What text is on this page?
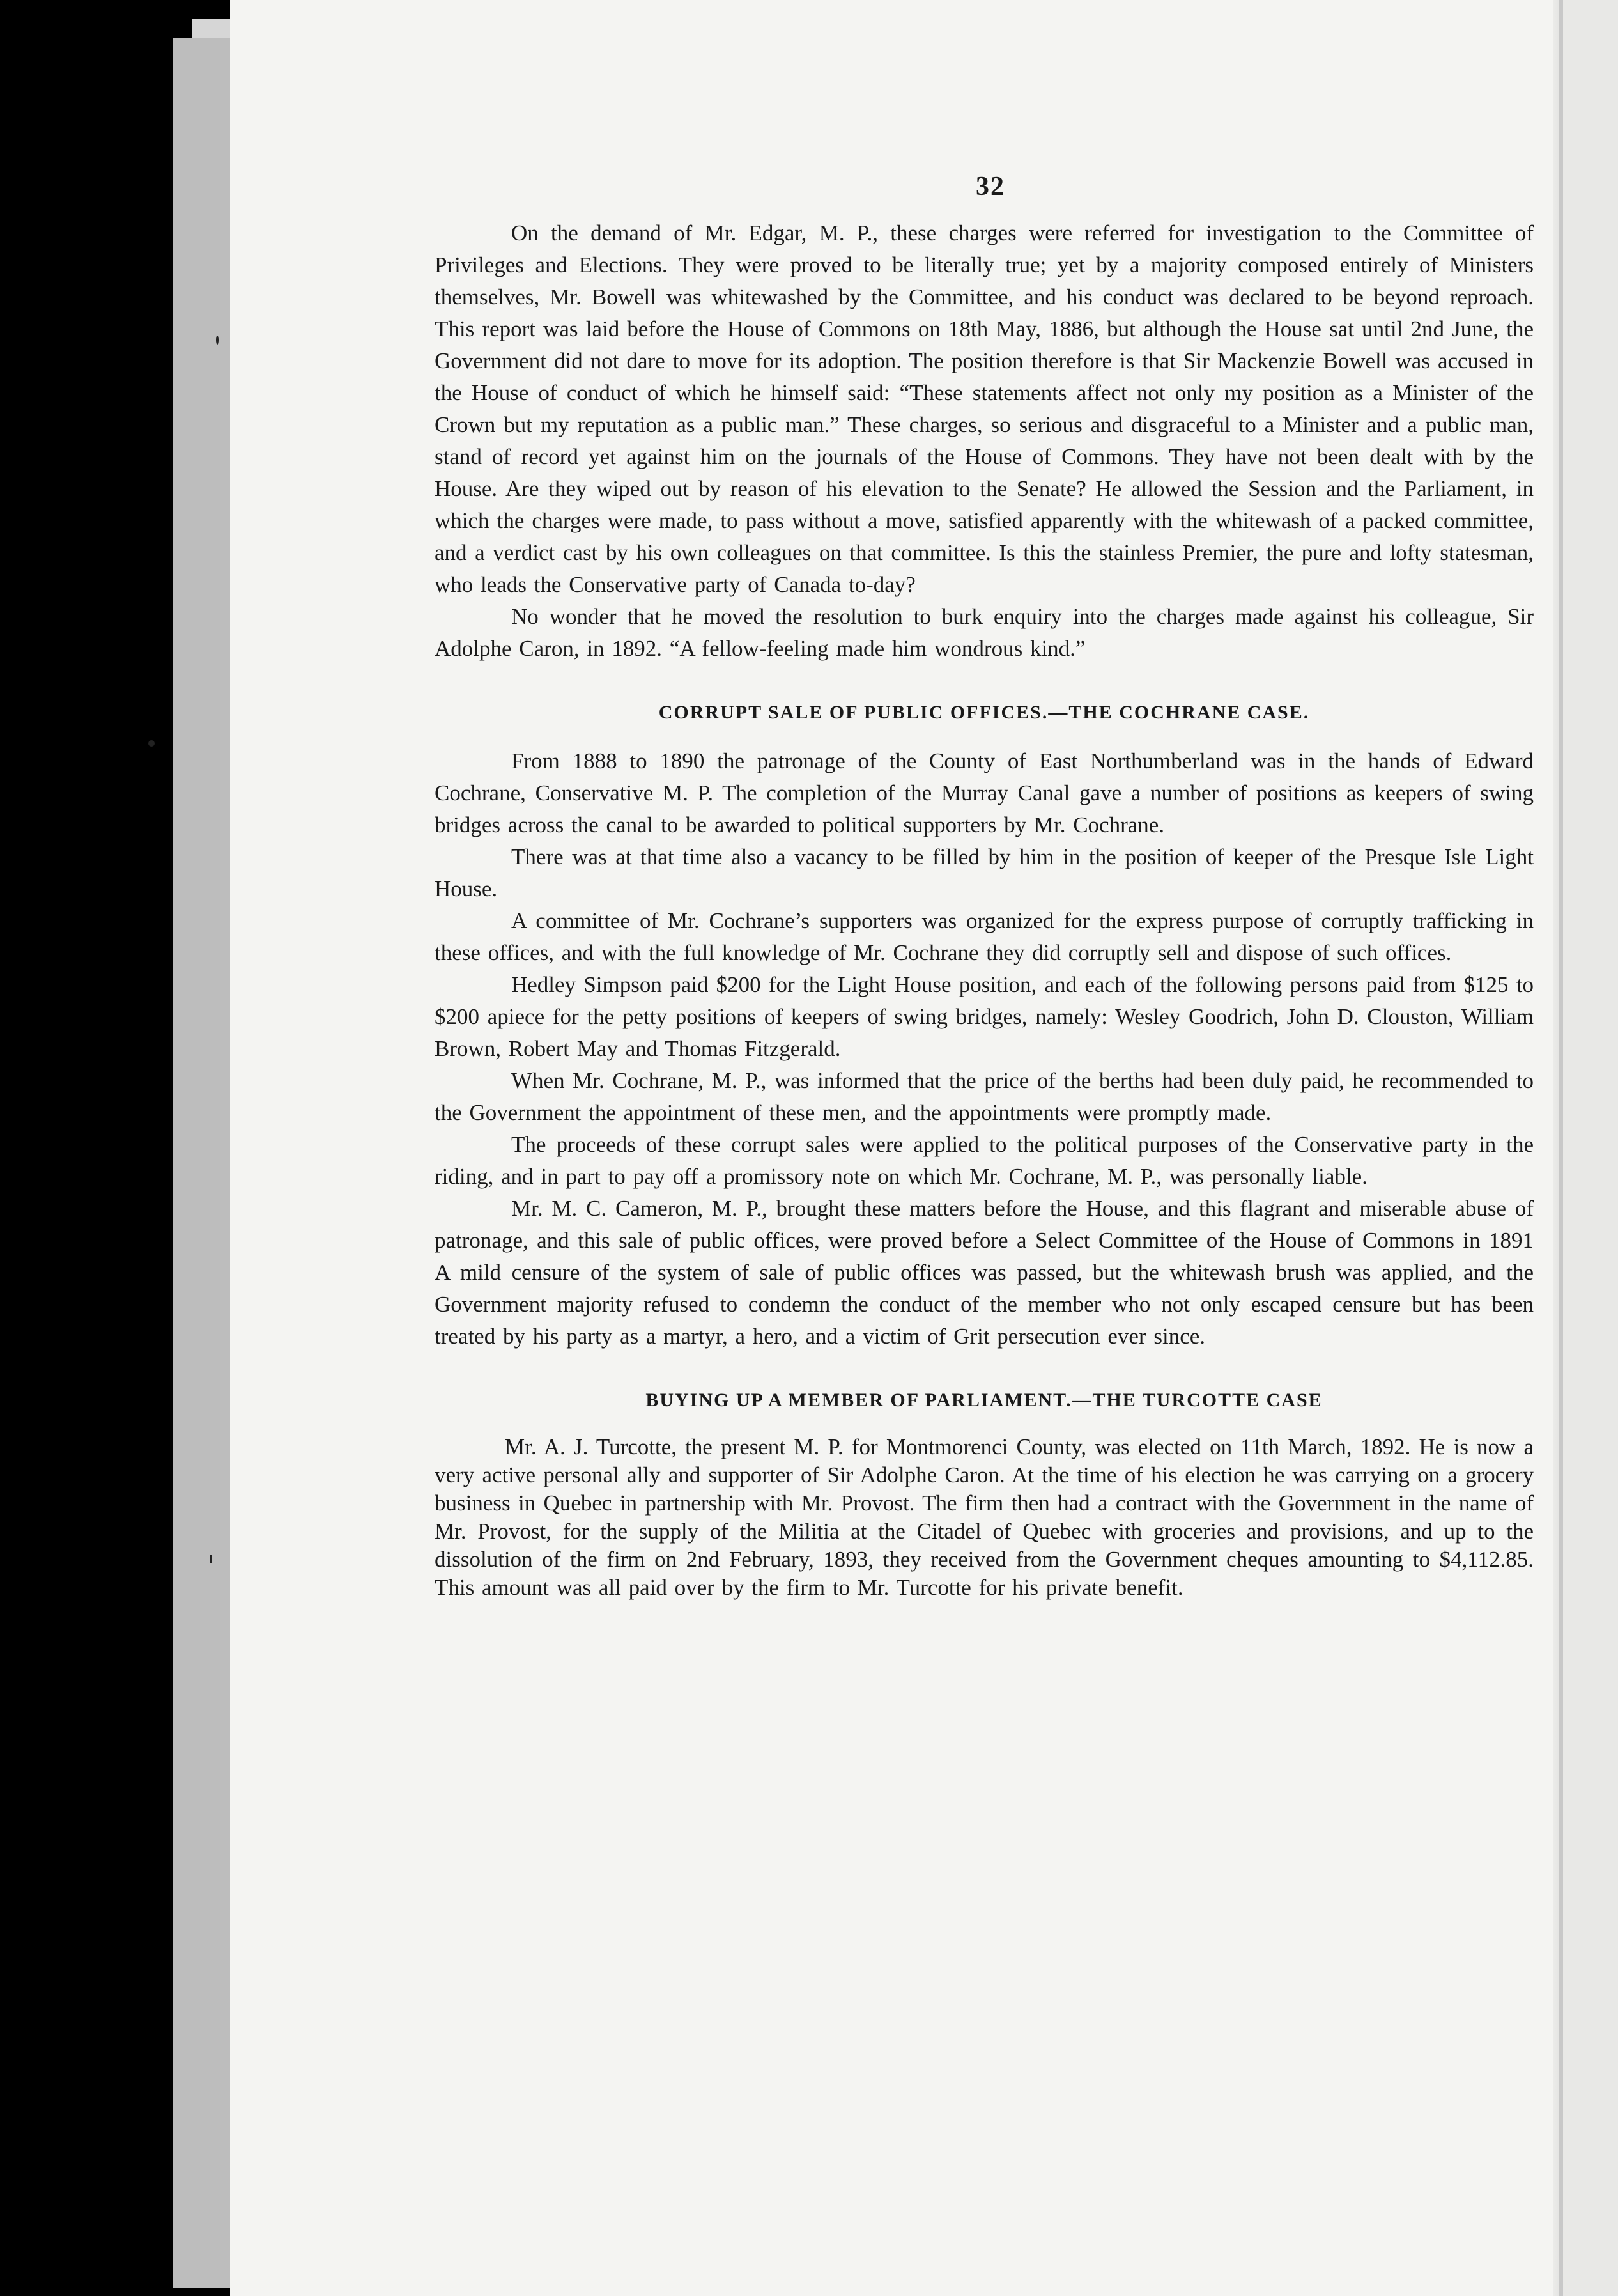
32

On the demand of Mr. Edgar, M. P., these charges were referred for investigation to the Committee of Privileges and Elections. They were proved to be literally true; yet by a majority composed entirely of Ministers themselves, Mr. Bowell was whitewashed by the Committee, and his conduct was declared to be beyond reproach. This report was laid before the House of Commons on 18th May, 1886, but although the House sat until 2nd June, the Government did not dare to move for its adoption. The position therefore is that Sir Mackenzie Bowell was accused in the House of conduct of which he himself said: “These statements affect not only my position as a Minister of the Crown but my reputation as a public man.” These charges, so serious and disgraceful to a Minister and a public man, stand of record yet against him on the journals of the House of Commons. They have not been dealt with by the House. Are they wiped out by reason of his elevation to the Senate? He allowed the Session and the Parliament, in which the charges were made, to pass without a move, satisfied apparently with the whitewash of a packed committee, and a verdict cast by his own colleagues on that committee. Is this the stainless Premier, the pure and lofty statesman, who leads the Conservative party of Canada to-day?

No wonder that he moved the resolution to burk enquiry into the charges made against his colleague, Sir Adolphe Caron, in 1892. “A fellow-feeling made him wondrous kind.”

CORRUPT SALE OF PUBLIC OFFICES.—THE COCHRANE CASE.

From 1888 to 1890 the patronage of the County of East Northumberland was in the hands of Edward Cochrane, Conservative M. P. The completion of the Murray Canal gave a number of positions as keepers of swing bridges across the canal to be awarded to political supporters by Mr. Cochrane.

There was at that time also a vacancy to be filled by him in the position of keeper of the Presque Isle Light House.

A committee of Mr. Cochrane’s supporters was organized for the express purpose of corruptly trafficking in these offices, and with the full knowledge of Mr. Cochrane they did corruptly sell and dispose of such offices.

Hedley Simpson paid $200 for the Light House position, and each of the following persons paid from $125 to $200 apiece for the petty positions of keepers of swing bridges, namely: Wesley Goodrich, John D. Clouston, William Brown, Robert May and Thomas Fitzgerald.

When Mr. Cochrane, M. P., was informed that the price of the berths had been duly paid, he recommended to the Government the appointment of these men, and the appointments were promptly made.

The proceeds of these corrupt sales were applied to the political purposes of the Conservative party in the riding, and in part to pay off a promissory note on which Mr. Cochrane, M. P., was personally liable.

Mr. M. C. Cameron, M. P., brought these matters before the House, and this flagrant and miserable abuse of patronage, and this sale of public offices, were proved before a Select Committee of the House of Commons in 1891 A mild censure of the system of sale of public offices was passed, but the whitewash brush was applied, and the Government majority refused to condemn the conduct of the member who not only escaped censure but has been treated by his party as a martyr, a hero, and a victim of Grit persecution ever since.

BUYING UP A MEMBER OF PARLIAMENT.—THE TURCOTTE CASE

Mr. A. J. Turcotte, the present M. P. for Montmorenci County, was elected on 11th March, 1892. He is now a very active personal ally and supporter of Sir Adolphe Caron. At the time of his election he was carrying on a grocery business in Quebec in partnership with Mr. Provost. The firm then had a contract with the Government in the name of Mr. Provost, for the supply of the Militia at the Citadel of Quebec with groceries and provisions, and up to the dissolution of the firm on 2nd February, 1893, they received from the Government cheques amounting to $4,112.85. This amount was all paid over by the firm to Mr. Turcotte for his private benefit.
